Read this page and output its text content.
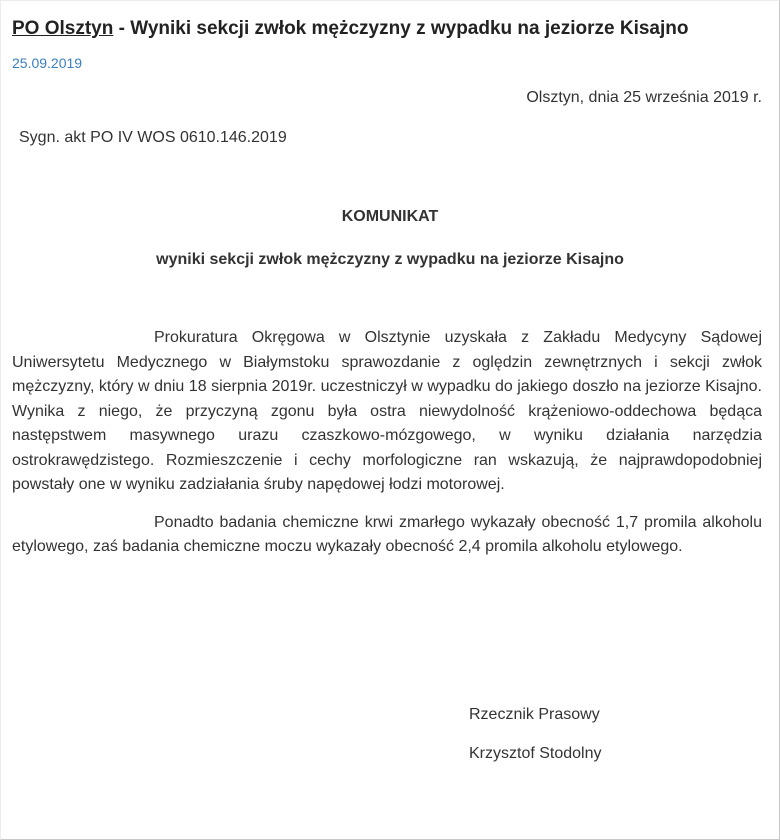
PO Olsztyn - Wyniki sekcji zwłok mężczyzny z wypadku na jeziorze Kisajno
25.09.2019
Olsztyn, dnia 25 września 2019 r.
Sygn. akt PO IV WOS 0610.146.2019
KOMUNIKAT
wyniki sekcji zwłok mężczyzny z wypadku na jeziorze Kisajno

Prokuratura Okręgowa w Olsztynie uzyskała z Zakładu Medycyny Sądowej Uniwersytetu Medycznego w Białymstoku sprawozdanie z oględzin zewnętrznych i sekcji zwłok mężczyzny, który w dniu 18 sierpnia 2019r. uczestniczył w wypadku do jakiego doszło na jeziorze Kisajno. Wynika z niego, że przyczyną zgonu była ostra niewydolność krążeniowo-oddechowa będąca następstwem masywnego urazu czaszkowo-mózgowego, w wyniku działania narzędzia ostrokrawędzistego. Rozmieszczenie i cechy morfologiczne ran wskazują, że najprawdopodobniej powstały one w wyniku zadziałania śruby napędowej łodzi motorowej.

Ponadto badania chemiczne krwi zmarłego wykazały obecność 1,7 promila alkoholu etylowego, zaś badania chemiczne moczu wykazały obecność 2,4 promila alkoholu etylowego.

Rzecznik Prasowy
Krzysztof Stodolny
